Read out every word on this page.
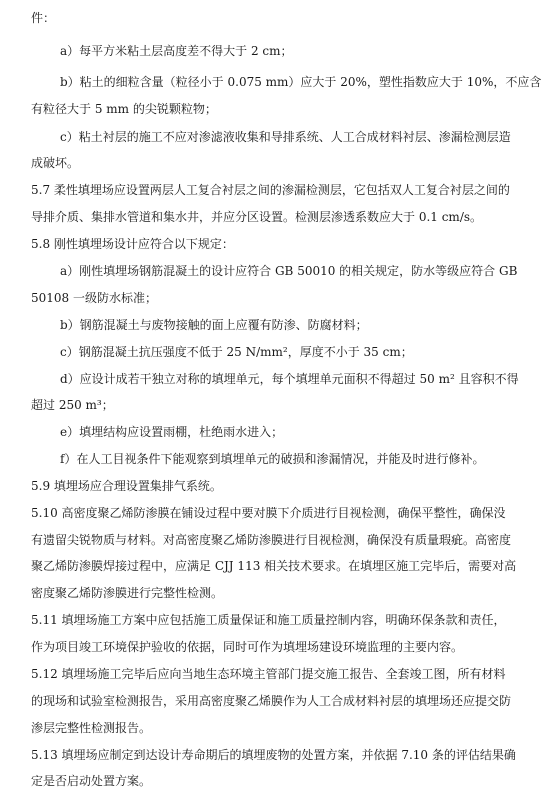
件：
a）每平方米粘土层高度差不得大于 2 cm；
b）粘土的细粒含量（粒径小于 0.075 mm）应大于 20%，塑性指数应大于 10%，不应含
有粒径大于 5 mm 的尖锐颗粒物；
c）粘土衬层的施工不应对渗滤液收集和导排系统、人工合成材料衬层、渗漏检测层造
成破坏。
5.7 柔性填埋场应设置两层人工复合衬层之间的渗漏检测层，它包括双人工复合衬层之间的
导排介质、集排水管道和集水井，并应分区设置。检测层渗透系数应大于 0.1 cm/s。
5.8 刚性填埋场设计应符合以下规定：
a）刚性填埋场钢筋混凝土的设计应符合 GB 50010 的相关规定，防水等级应符合 GB
50108 一级防水标准；
b）钢筋混凝土与废物接触的面上应覆有防渗、防腐材料；
c）钢筋混凝土抗压强度不低于 25 N/mm²，厚度不小于 35 cm；
d）应设计成若干独立对称的填埋单元，每个填埋单元面积不得超过 50 m² 且容积不得
超过 250 m³；
e）填埋结构应设置雨棚，杜绝雨水进入；
f）在人工目视条件下能观察到填埋单元的破损和渗漏情况，并能及时进行修补。
5.9 填埋场应合理设置集排气系统。
5.10 高密度聚乙烯防渗膜在铺设过程中要对膜下介质进行目视检测，确保平整性，确保没
有遗留尖锐物质与材料。对高密度聚乙烯防渗膜进行目视检测，确保没有质量瑕疵。高密度
聚乙烯防渗膜焊接过程中，应满足 CJJ 113 相关技术要求。在填埋区施工完毕后，需要对高
密度聚乙烯防渗膜进行完整性检测。
5.11 填埋场施工方案中应包括施工质量保证和施工质量控制内容，明确环保条款和责任，
作为项目竣工环境保护验收的依据，同时可作为填埋场建设环境监理的主要内容。
5.12 填埋场施工完毕后应向当地生态环境主管部门提交施工报告、全套竣工图，所有材料
的现场和试验室检测报告，采用高密度聚乙烯膜作为人工合成材料衬层的填埋场还应提交防
渗层完整性检测报告。
5.13 填埋场应制定到达设计寿命期后的填埋废物的处置方案，并依据 7.10 条的评估结果确
定是否启动处置方案。
